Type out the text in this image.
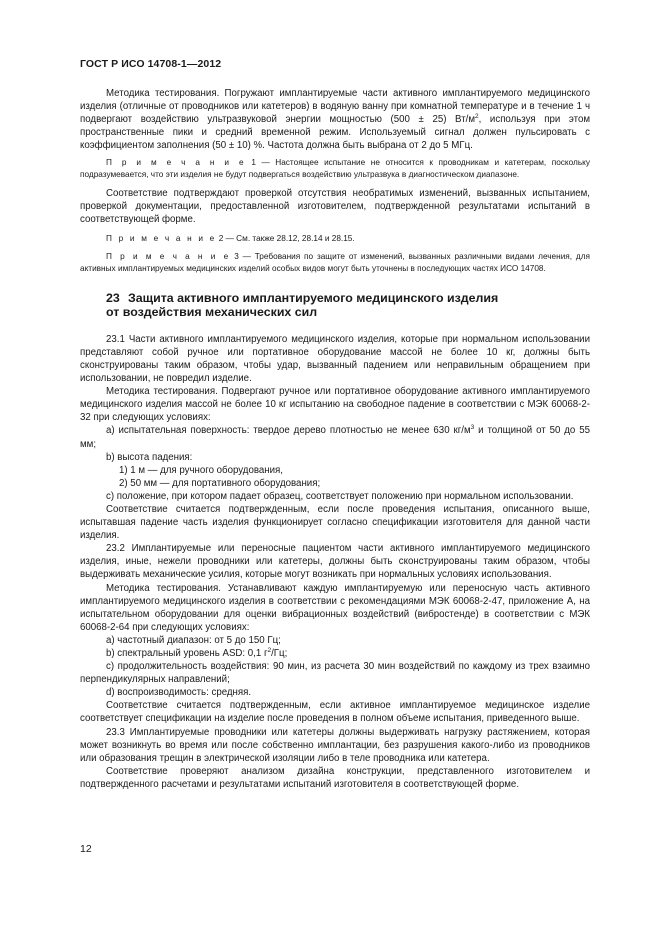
ГОСТ Р ИСО 14708-1—2012

Методика тестирования. Погружают имплантируемые части активного имплантируемого медицинского изделия (отличные от проводников или катетеров) в водяную ванну при комнатной температуре и в течение 1 ч подвергают воздействию ультразвуковой энергии мощностью (500 ± 25) $Вт/м^2$, используя при этом пространственные пики и средний временной режим. Используемый сигнал должен пульсировать с коэффициентом заполнения (50 ± 10) %. Частота должна быть выбрана от 2 до 5 МГц.

П р и м е ч а н и е 1 — Настоящее испытание не относится к проводникам и катетерам, поскольку подразумевается, что эти изделия не будут подвергаться воздействию ультразвука в диагностическом диапазоне.

Соответствие подтверждают проверкой отсутствия необратимых изменений, вызванных испытанием, проверкой документации, предоставленной изготовителем, подтвержденной результатами испытаний в соответствующей форме.

П р и м е ч а н и е 2 — См. также 28.12, 28.14 и 28.15.

П р и м е ч а н и е 3 — Требования по защите от изменений, вызванных различными видами лечения, для активных имплантируемых медицинских изделий особых видов могут быть уточнены в последующих частях ИСО 14708.

23 Защита активного имплантируемого медицинского изделия
от воздействия механических сил

23.1 Части активного имплантируемого медицинского изделия, которые при нормальном использовании представляют собой ручное или портативное оборудование массой не более 10 кг, должны быть сконструированы таким образом, чтобы удар, вызванный падением или неправильным обращением при использовании, не повредил изделие.

Методика тестирования. Подвергают ручное или портативное оборудование активного имплантируемого медицинского изделия массой не более 10 кг испытанию на свободное падение в соответствии с МЭК 60068-2-32 при следующих условиях:

а) испытательная поверхность: твердое дерево плотностью не менее 630 $кг/м^3$ и толщиной от 50 до 55 мм;

b) высота падения:

1) 1 м — для ручного оборудования,

2) 50 мм — для портативного оборудования;

с) положение, при котором падает образец, соответствует положению при нормальном использовании.

Соответствие считается подтвержденным, если после проведения испытания, описанного выше, испытавшая падение часть изделия функционирует согласно спецификации изготовителя для данной части изделия.

23.2 Имплантируемые или переносные пациентом части активного имплантируемого медицинского изделия, иные, нежели проводники или катетеры, должны быть сконструированы таким образом, чтобы выдерживать механические усилия, которые могут возникать при нормальных условиях использования.

Методика тестирования. Устанавливают каждую имплантируемую или переносную часть активного имплантируемого медицинского изделия в соответствии с рекомендациями МЭК 60068-2-47, приложение А, на испытательном оборудовании для оценки вибрационных воздействий (вибростенде) в соответствии с МЭК 60068-2-64 при следующих условиях:

а) частотный диапазон: от 5 до 150 Гц;

b) спектральный уровень ASD: 0,1 $г^2/Гц$;

с) продолжительность воздействия: 90 мин, из расчета 30 мин воздействий по каждому из трех взаимно перпендикулярных направлений;

d) воспроизводимость: средняя.

Соответствие считается подтвержденным, если активное имплантируемое медицинское изделие соответствует спецификации на изделие после проведения в полном объеме испытания, приведенного выше.

23.3 Имплантируемые проводники или катетеры должны выдерживать нагрузку растяжением, которая может возникнуть во время или после собственно имплантации, без разрушения какого-либо из проводников или образования трещин в электрической изоляции либо в теле проводника или катетера.

Соответствие проверяют анализом дизайна конструкции, представленного изготовителем и подтвержденного расчетами и результатами испытаний изготовителя в соответствующей форме.

12
